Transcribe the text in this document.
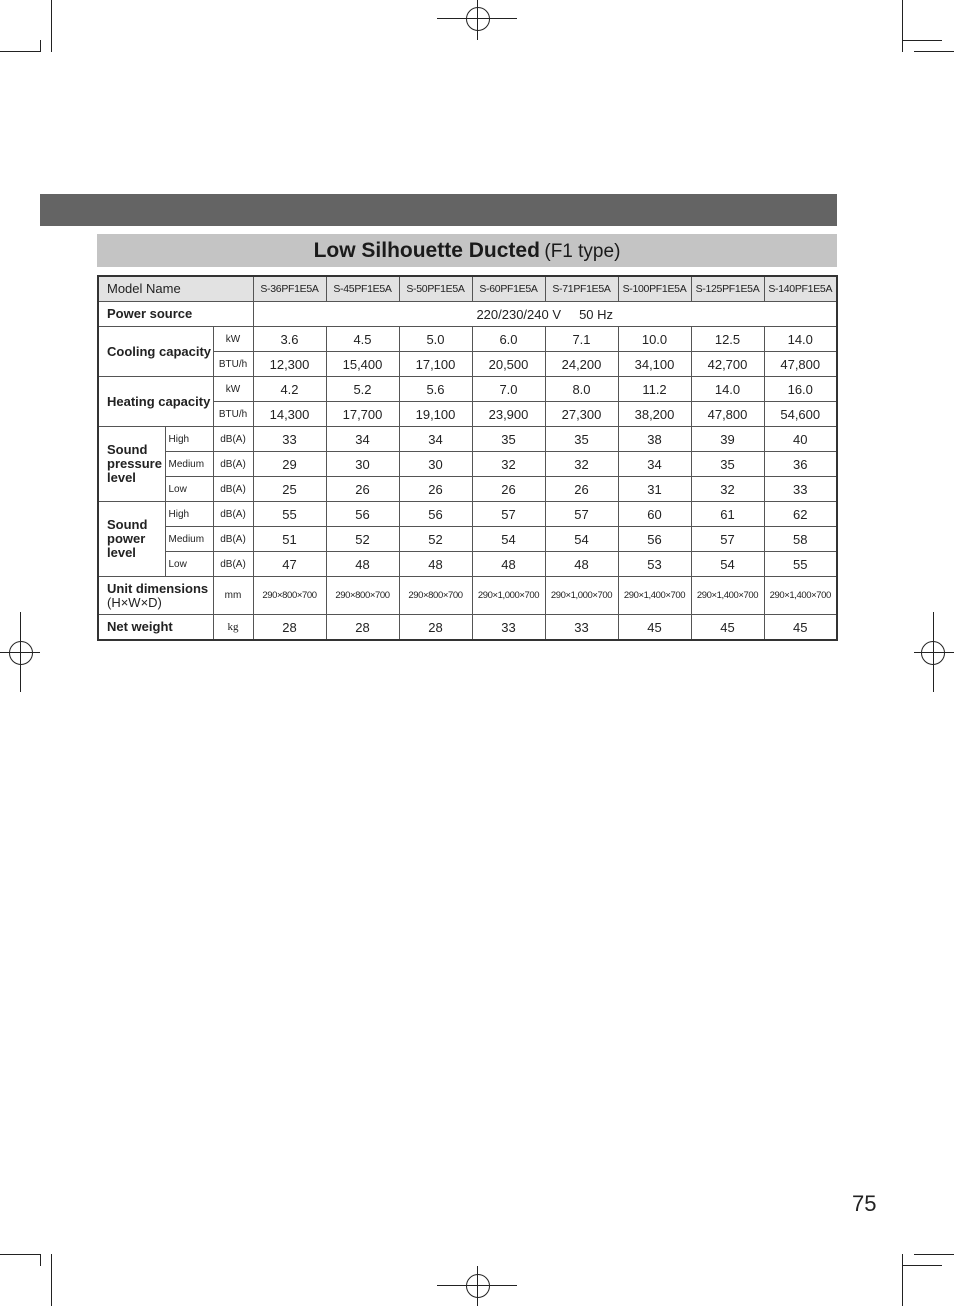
Low Silhouette Ducted (F1 type)
Model Name			S-36PF1E5A	S-45PF1E5A	S-50PF1E5A	S-60PF1E5A	S-71PF1E5A	S-100PF1E5A	S-125PF1E5A	S-140PF1E5A
Power source			220/230/240 V     50 Hz							
Cooling capacity		kW	3.6	4.5	5.0	6.0	7.1	10.0	12.5	14.0
		BTU/h	12,300	15,400	17,100	20,500	24,200	34,100	42,700	47,800
Heating capacity		kW	4.2	5.2	5.6	7.0	8.0	11.2	14.0	16.0
		BTU/h	14,300	17,700	19,100	23,900	27,300	38,200	47,800	54,600
Sound pressure level	High	dB(A)	33	34	34	35	35	38	39	40
	Medium	dB(A)	29	30	30	32	32	34	35	36
	Low	dB(A)	25	26	26	26	26	31	32	33
Sound power level	High	dB(A)	55	56	56	57	57	60	61	62
	Medium	dB(A)	51	52	52	54	54	56	57	58
	Low	dB(A)	47	48	48	48	48	53	54	55
Unit dimensions
(H×W×D)		mm	290×800×700	290×800×700	290×800×700	290×1,000×700	290×1,000×700	290×1,400×700	290×1,400×700	290×1,400×700
Net weight		kg	28	28	28	33	33	45	45	45
75
